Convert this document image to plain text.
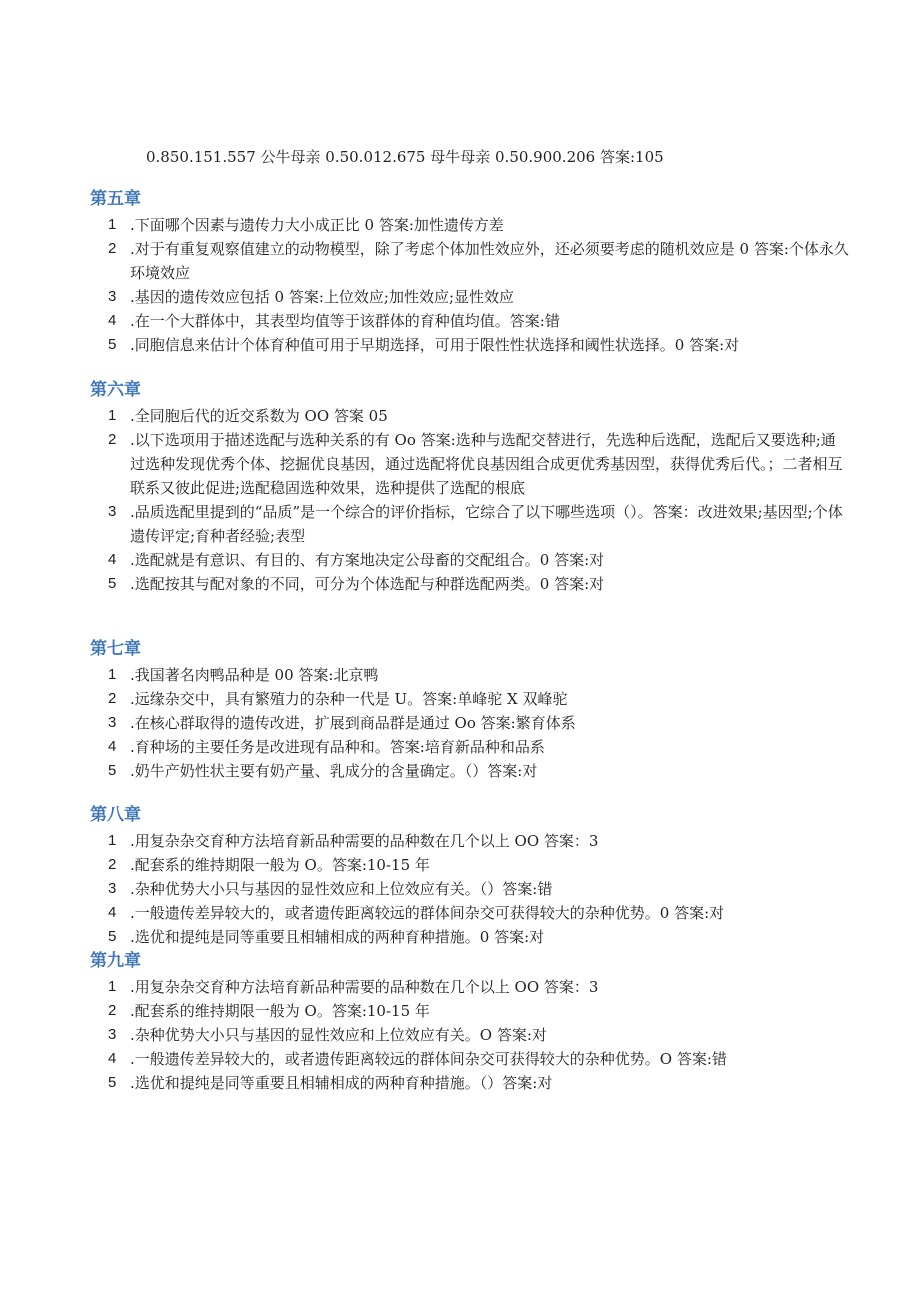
0.850.151.557 公牛母亲 0.50.012.675 母牛母亲 0.50.900.206 答案:105
第五章
1 .下面哪个因素与遗传力大小成正比 0 答案:加性遗传方差
2 .对于有重复观察值建立的动物模型，除了考虑个体加性效应外，还必须要考虑的随机效应是 0 答案:个体永久环境效应
3 .基因的遗传效应包括 0 答案:上位效应;加性效应;显性效应
4 .在一个大群体中，其表型均值等于该群体的育种值均值。答案:错
5 .同胞信息来估计个体育种值可用于早期选择，可用于限性性状选择和阈性状选择。0 答案:对
第六章
1 .全同胞后代的近交系数为 OO 答案 05
2 .以下选项用于描述选配与选种关系的有 Oo 答案:选种与选配交替进行，先选种后选配，选配后又要选种;通过选种发现优秀个体、挖掘优良基因，通过选配将优良基因组合成更优秀基因型，获得优秀后代。；二者相互联系又彼此促进;选配稳固选种效果，选种提供了选配的根底
3 .品质选配里提到的“品质”是一个综合的评价指标，它综合了以下哪些选项（）。答案：改进效果;基因型;个体遗传评定;育种者经验;表型
4 .选配就是有意识、有目的、有方案地决定公母畜的交配组合。0 答案:对
5 .选配按其与配对象的不同，可分为个体选配与种群选配两类。0 答案:对
第七章
1 .我国著名肉鸭品种是 00 答案:北京鸭
2 .远缘杂交中，具有繁殖力的杂种一代是 U。答案:单峰驼 X 双峰驼
3 .在核心群取得的遗传改进，扩展到商品群是通过 Oo 答案:繁育体系
4 .育种场的主要任务是改进现有品种和。答案:培育新品种和品系
5 .奶牛产奶性状主要有奶产量、乳成分的含量确定。（）答案:对
第八章
1 .用复杂杂交育种方法培育新品种需要的品种数在几个以上 OO 答案：3
2 .配套系的维持期限一般为 O。答案:10-15 年
3 .杂种优势大小只与基因的显性效应和上位效应有关。（）答案:错
4 .一般遗传差异较大的，或者遗传距离较远的群体间杂交可获得较大的杂种优势。0 答案:对
5 .选优和提纯是同等重要且相辅相成的两种育种措施。0 答案:对
第九章
1 .用复杂杂交育种方法培育新品种需要的品种数在几个以上 OO 答案：3
2 .配套系的维持期限一般为 O。答案:10-15 年
3 .杂种优势大小只与基因的显性效应和上位效应有关。O 答案:对
4 .一般遗传差异较大的，或者遗传距离较远的群体间杂交可获得较大的杂种优势。O 答案:错
5 .选优和提纯是同等重要且相辅相成的两种育种措施。（）答案:对
